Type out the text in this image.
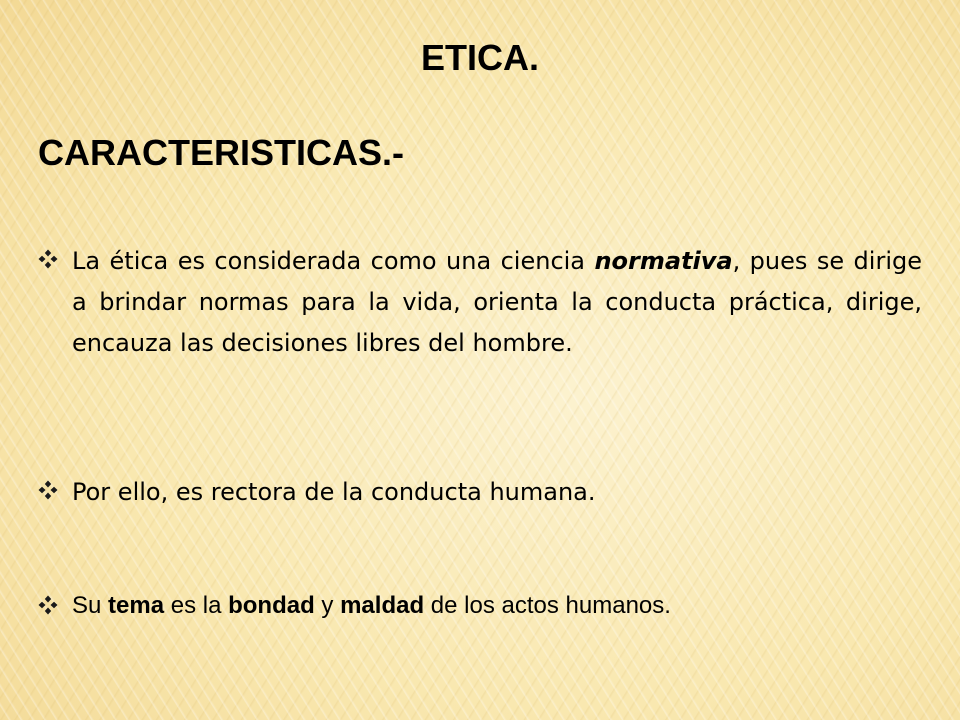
ETICA.
CARACTERISTICAS.-

La ética es considerada como una ciencia normativa, pues se dirige a brindar normas para la vida, orienta la conducta práctica, dirige, encauza las decisiones libres del hombre.

Por ello, es rectora de la conducta humana.

Su tema es la bondad y maldad de los actos humanos.
